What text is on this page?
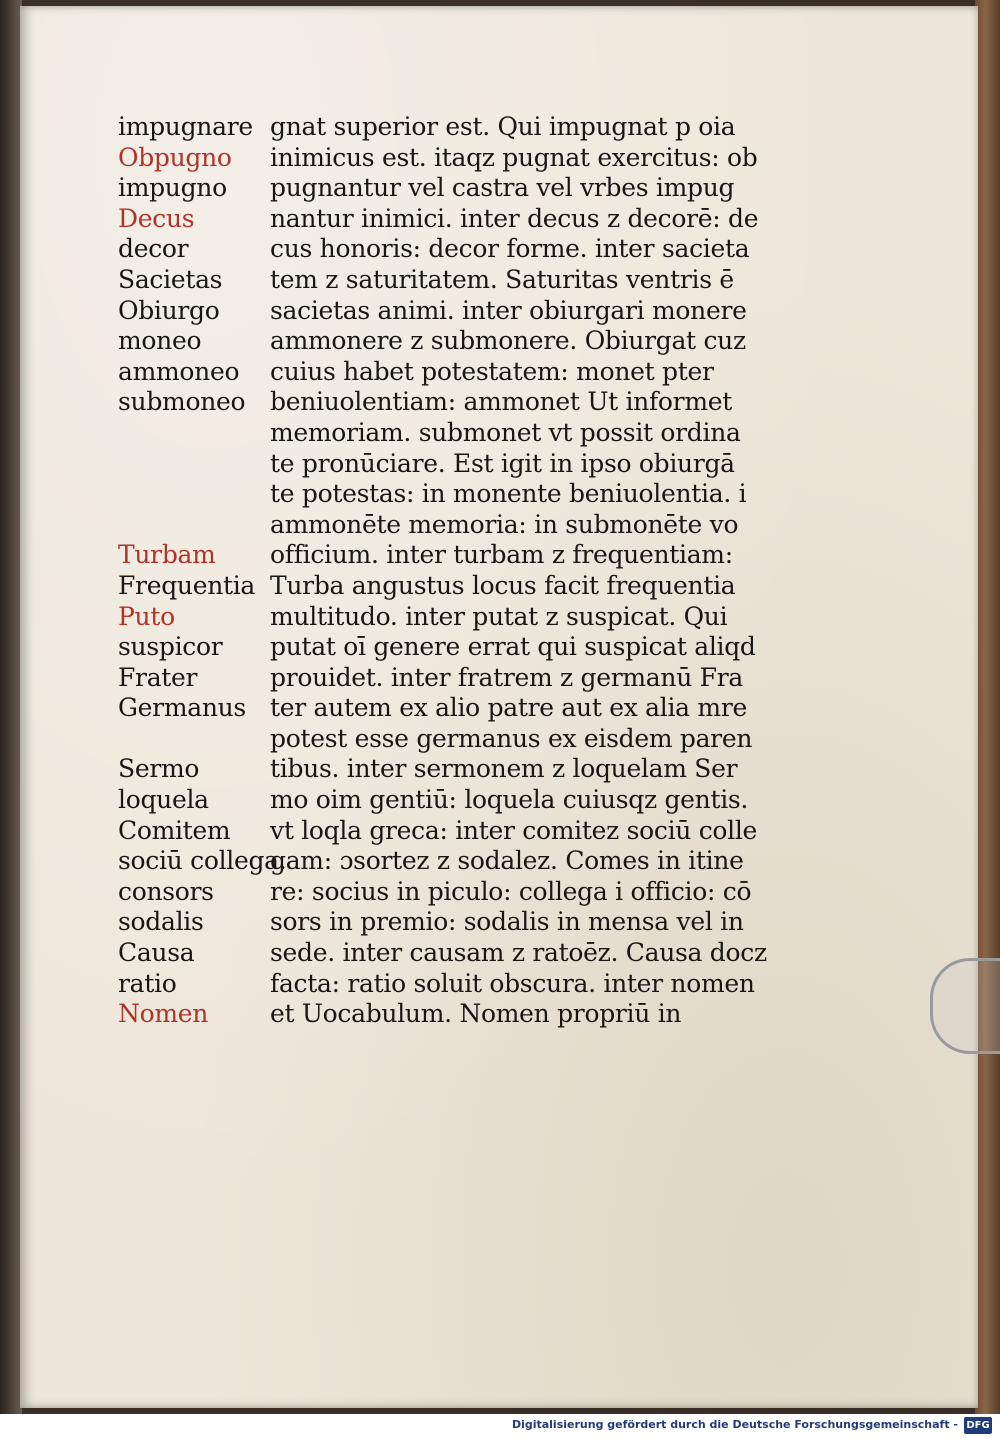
impugnare
Obpugno
impugno
Decus
decor
Sacietas
Obiurgo
moneo
ammoneo
submoneo
Turbam
Frequentia
Puto
suspicor
Frater
Germanus
Sermo
loquela
Comitem
sociū collega.
consors
sodalis
Causa
ratio
Nomen
gnat superior est. Qui impugnat p oia
inimicus est. itaqz pugnat exercitus: ob
pugnantur vel castra vel vrbes impug
nantur inimici. inter decus z decorē: de
cus honoris: decor forme. inter sacieta
tem z saturitatem. Saturitas ventris ē
sacietas animi. inter obiurgari monere
ammonere z submonere. Obiurgat cuz
cuius habet potestatem: monet pter
beniuolentiam: ammonet Ut informet
memoriam. submonet vt possit ordina
te pronūciare. Est igit in ipso obiurgā
te potestas: in monente beniuolentia. i
ammonēte memoria: in submonēte vo
officium. inter turbam z frequentiam:
Turba angustus locus facit frequentia
multitudo. inter putat z suspicat. Qui
putat oī genere errat qui suspicat aliqd
prouidet. inter fratrem z germanū Fra
ter autem ex alio patre aut ex alia mre
potest esse germanus ex eisdem paren
tibus. inter sermonem z loquelam Ser
mo oim gentiū: loquela cuiusqz gentis.
vt loqla greca: inter comitez sociū colle
gam: ɔsortez z sodalez. Comes in itine
re: socius in piculo: collega i officio: cō
sors in premio: sodalis in mensa vel in
sede. inter causam z ratoēz. Causa docz
facta: ratio soluit obscura. inter nomen
et Uocabulum. Nomen propriū in
Digitalisierung gefördert durch die Deutsche Forschungsgemeinschaft - DFG
